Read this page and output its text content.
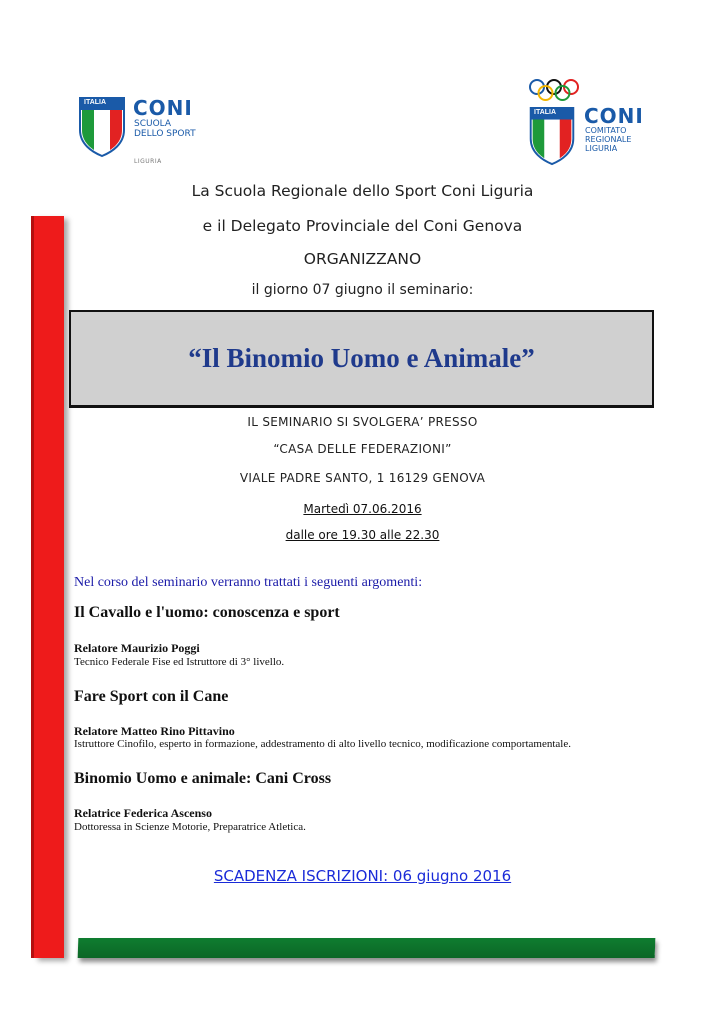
ITALIA CONI
SCUOLA
DELLO SPORT
LIGURIA
ITALIA CONI
COMITATO
REGIONALE
LIGURIA
La Scuola Regionale dello Sport Coni Liguria
e il Delegato Provinciale del Coni Genova
ORGANIZZANO
il giorno 07 giugno il seminario:
“Il Binomio Uomo e Animale”
IL SEMINARIO SI SVOLGERA’ PRESSO
“CASA DELLE FEDERAZIONI”
VIALE PADRE SANTO, 1 16129 GENOVA
Martedì 07.06.2016
dalle ore 19.30 alle 22.30
Nel corso del seminario verranno trattati i seguenti argomenti:
Il Cavallo e l'uomo: conoscenza e sport
Relatore Maurizio Poggi
Tecnico Federale Fise ed Istruttore di 3° livello.
Fare Sport con il Cane
Relatore Matteo Rino Pittavino
Istruttore Cinofilo, esperto in formazione, addestramento di alto livello tecnico, modificazione comportamentale.
Binomio Uomo e animale: Cani Cross
Relatrice Federica Ascenso
Dottoressa in Scienze Motorie, Preparatrice Atletica.
SCADENZA ISCRIZIONI: 06 giugno 2016
